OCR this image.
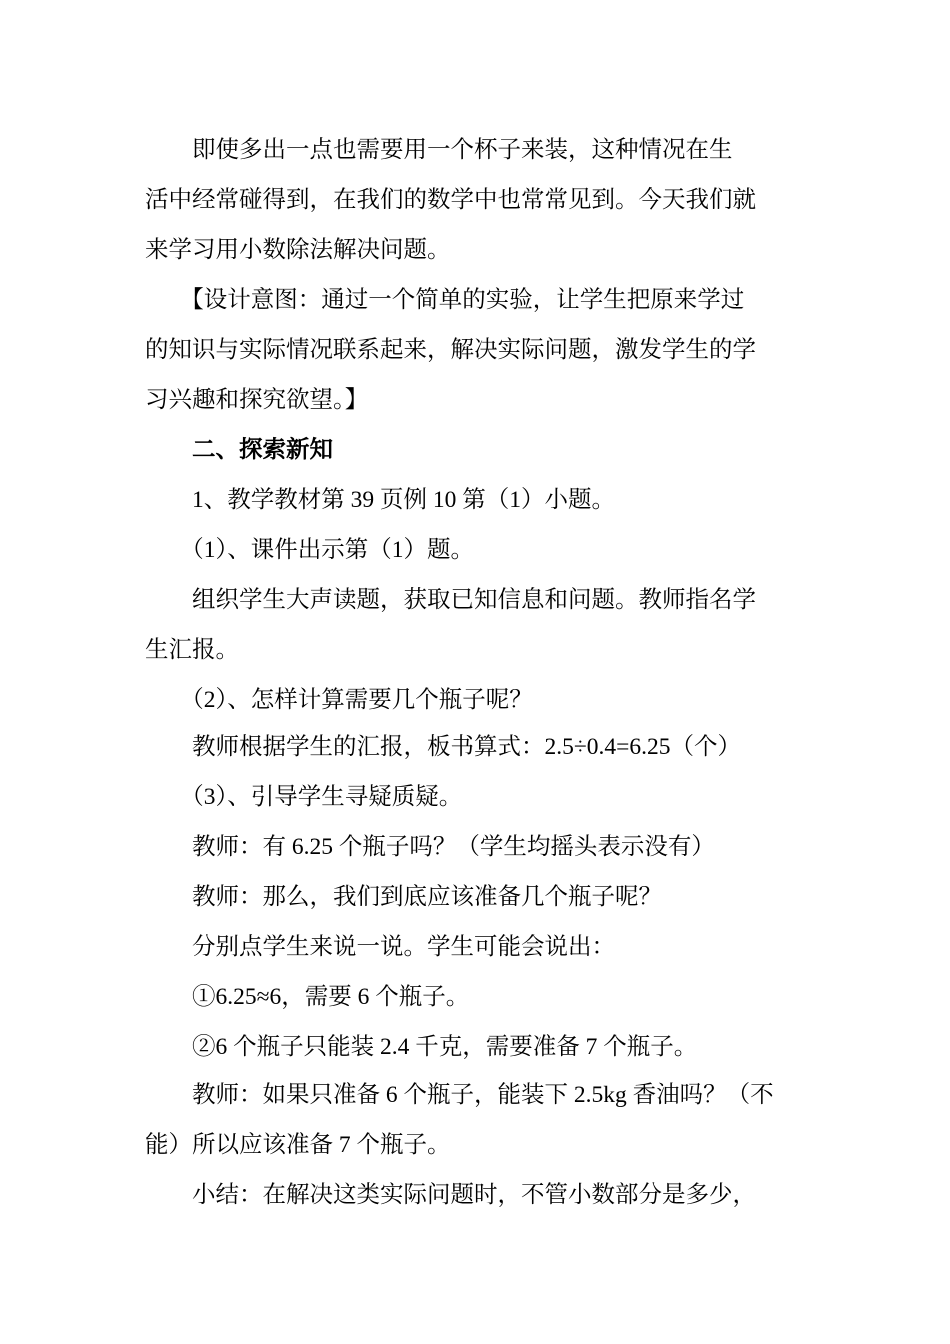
　　即使多出一点也需要用一个杯子来装，这种情况在生
活中经常碰得到，在我们的数学中也常常见到。今天我们就
来学习用小数除法解决问题。

　　【设计意图：通过一个简单的实验，让学生把原来学过
的知识与实际情况联系起来，解决实际问题，激发学生的学
习兴趣和探究欲望。】

　　二、探索新知

　　1、教学教材第 39 页例 10 第（1）小题。

　　（1）、课件出示第（1）题。

　　组织学生大声读题，获取已知信息和问题。教师指名学
生汇报。

　　（2）、怎样计算需要几个瓶子呢？

　　教师根据学生的汇报，板书算式：2.5÷0.4=6.25（个）

　　（3）、引导学生寻疑质疑。

　　教师：有 6.25 个瓶子吗？（学生均摇头表示没有）

　　教师：那么，我们到底应该准备几个瓶子呢？

　　分别点学生来说一说。学生可能会说出：

　　①6.25≈6，需要 6 个瓶子。

　　②6 个瓶子只能装 2.4 千克，需要准备 7 个瓶子。

　　教师：如果只准备 6 个瓶子，能装下 2.5kg 香油吗？（不
能）所以应该准备 7 个瓶子。

　　小结：在解决这类实际问题时，不管小数部分是多少，
